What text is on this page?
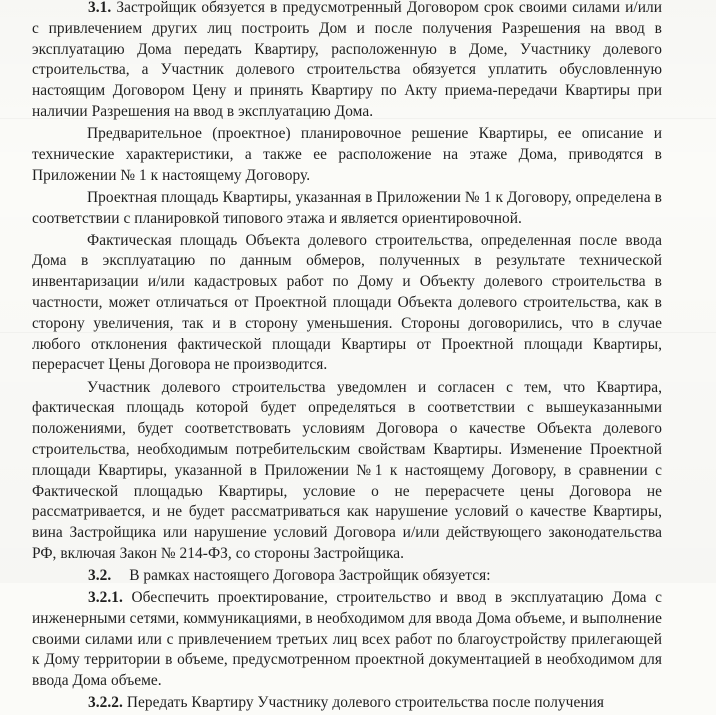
3.1. Застройщик обязуется в предусмотренный Договором срок своими силами и/или с привлечением других лиц построить Дом и после получения Разрешения на ввод в эксплуатацию Дома передать Квартиру, расположенную в Доме, Участнику долевого строительства, а Участник долевого строительства обязуется уплатить обусловленную настоящим Договором Цену и принять Квартиру по Акту приема-передачи Квартиры при наличии Разрешения на ввод в эксплуатацию Дома.

Предварительное (проектное) планировочное решение Квартиры, ее описание и технические характеристики, а также ее расположение на этаже Дома, приводятся в Приложении № 1 к настоящему Договору.

Проектная площадь Квартиры, указанная в Приложении № 1 к Договору, определена в соответствии с планировкой типового этажа и является ориентировочной.

Фактическая площадь Объекта долевого строительства, определенная после ввода Дома в эксплуатацию по данным обмеров, полученных в результате технической инвентаризации и/или кадастровых работ по Дому и Объекту долевого строительства в частности, может отличаться от Проектной площади Объекта долевого строительства, как в сторону увеличения, так и в сторону уменьшения. Стороны договорились, что в случае любого отклонения фактической площади Квартиры от Проектной площади Квартиры, перерасчет Цены Договора не производится.

Участник долевого строительства уведомлен и согласен с тем, что Квартира, фактическая площадь которой будет определяться в соответствии с вышеуказанными положениями, будет соответствовать условиям Договора о качестве Объекта долевого строительства, необходимым потребительским свойствам Квартиры. Изменение Проектной площади Квартиры, указанной в Приложении №1 к настоящему Договору, в сравнении с Фактической площадью Квартиры, условие о не перерасчете цены Договора не рассматривается, и не будет рассматриваться как нарушение условий о качестве Квартиры, вина Застройщика или нарушение условий Договора и/или действующего законодательства РФ, включая Закон № 214-ФЗ, со стороны Застройщика.

3.2. В рамках настоящего Договора Застройщик обязуется:

3.2.1. Обеспечить проектирование, строительство и ввод в эксплуатацию Дома с инженерными сетями, коммуникациями, в необходимом для ввода Дома объеме, и выполнение своими силами или с привлечением третьих лиц всех работ по благоустройству прилегающей к Дому территории в объеме, предусмотренном проектной документацией в необходимом для ввода Дома объеме.

3.2.2. Передать Квартиру Участнику долевого строительства после получения
